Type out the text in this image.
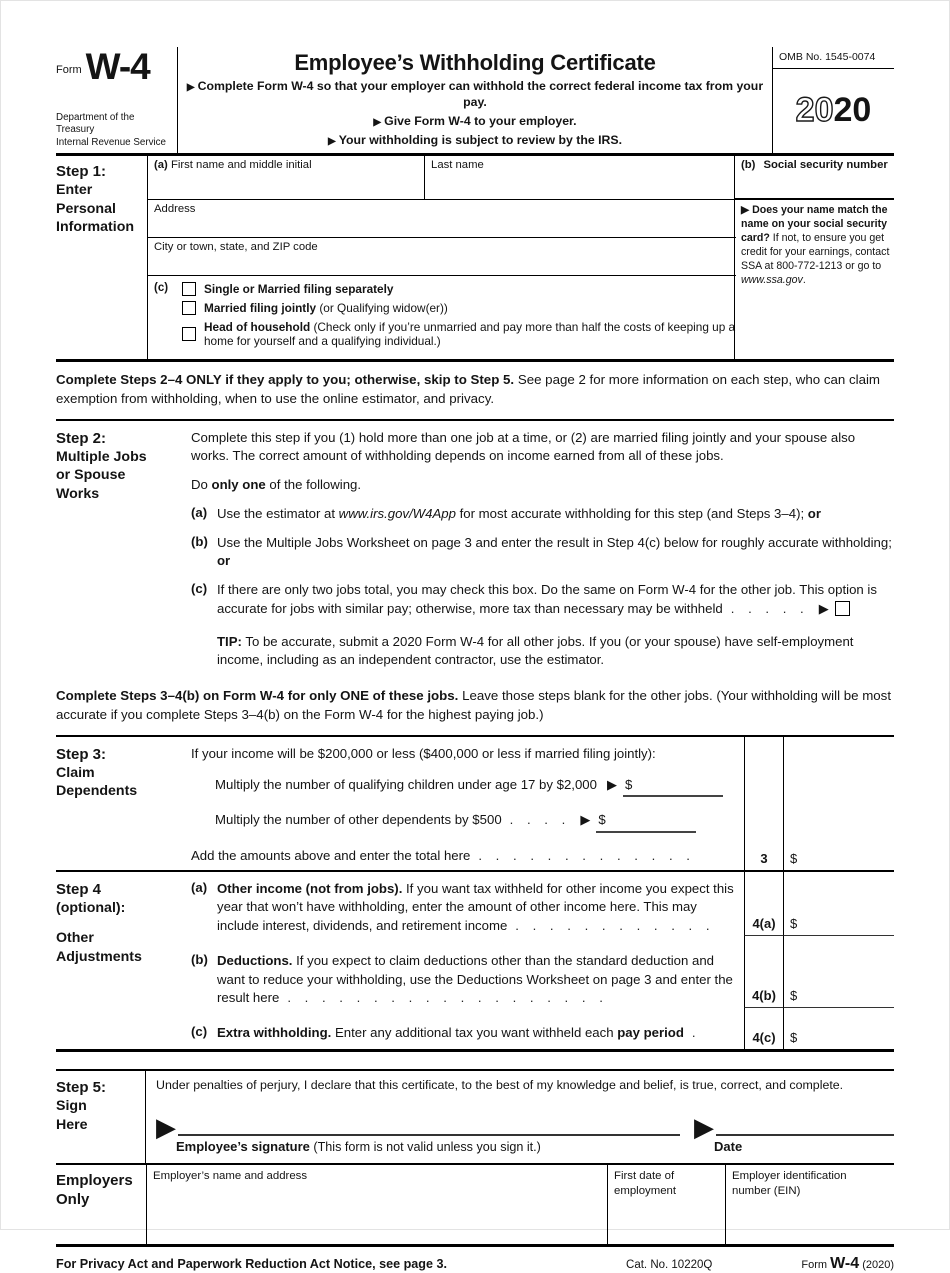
Form W-4
Department of the Treasury
Internal Revenue Service
Employee’s Withholding Certificate
▶ Complete Form W-4 so that your employer can withhold the correct federal income tax from your pay.
▶ Give Form W-4 to your employer.
▶ Your withholding is subject to review by the IRS.
OMB No. 1545-0074
20 20
Step 1:
Enter
Personal
Information
(a) First name and middle initial	Last name
Address
City or town, state, and ZIP code
(c)	Single or Married filing separately
Married filing jointly (or Qualifying widow(er))
Head of household (Check only if you’re unmarried and pay more than half the costs of keeping up a home for yourself and a qualifying individual.)
(b) Social security number
▶ Does your name match the name on your social security card? If not, to ensure you get credit for your earnings, contact SSA at 800-772-1213 or go to www.ssa.gov.
Complete Steps 2–4 ONLY if they apply to you; otherwise, skip to Step 5. See page 2 for more information on each step, who can claim exemption from withholding, when to use the online estimator, and privacy.
Step 2:
Multiple Jobs
or Spouse
Works
Complete this step if you (1) hold more than one job at a time, or (2) are married filing jointly and your spouse also works. The correct amount of withholding depends on income earned from all of these jobs.
Do only one of the following.
(a) Use the estimator at www.irs.gov/W4App for most accurate withholding for this step (and Steps 3–4); or
(b) Use the Multiple Jobs Worksheet on page 3 and enter the result in Step 4(c) below for roughly accurate withholding; or
(c) If there are only two jobs total, you may check this box. Do the same on Form W-4 for the other job. This option is accurate for jobs with similar pay; otherwise, more tax than necessary may be withheld . . . . . ▶
TIP: To be accurate, submit a 2020 Form W-4 for all other jobs. If you (or your spouse) have self-employment income, including as an independent contractor, use the estimator.
Complete Steps 3–4(b) on Form W-4 for only ONE of these jobs. Leave those steps blank for the other jobs. (Your withholding will be most accurate if you complete Steps 3–4(b) on the Form W-4 for the highest paying job.)
Step 3:
Claim
Dependents
If your income will be $200,000 or less ($400,000 or less if married filing jointly):
Multiply the number of qualifying children under age 17 by $2,000 ▶ $
Multiply the number of other dependents by $500 . . . . ▶ $
Add the amounts above and enter the total here . . . . . . . . . . . . .	3	$
Step 4
(optional):
Other
Adjustments
(a) Other income (not from jobs). If you want tax withheld for other income you expect this year that won’t have withholding, enter the amount of other income here. This may include interest, dividends, and retirement income . . . . . . . . . . . .	4(a)	$
(b) Deductions. If you expect to claim deductions other than the standard deduction and want to reduce your withholding, use the Deductions Worksheet on page 3 and enter the result here . . . . . . . . . . . . . . . . . . .	4(b)	$
(c) Extra withholding. Enter any additional tax you want withheld each pay period .	4(c)	$
Step 5:
Sign
Here
Under penalties of perjury, I declare that this certificate, to the best of my knowledge and belief, is true, correct, and complete.
▶
Employee’s signature (This form is not valid unless you sign it.)
▶
Date
Employers
Only
Employer’s name and address	First date of employment
Employer identification number (EIN)
For Privacy Act and Paperwork Reduction Act Notice, see page 3.	Cat. No. 10220Q	Form W-4 (2020)
